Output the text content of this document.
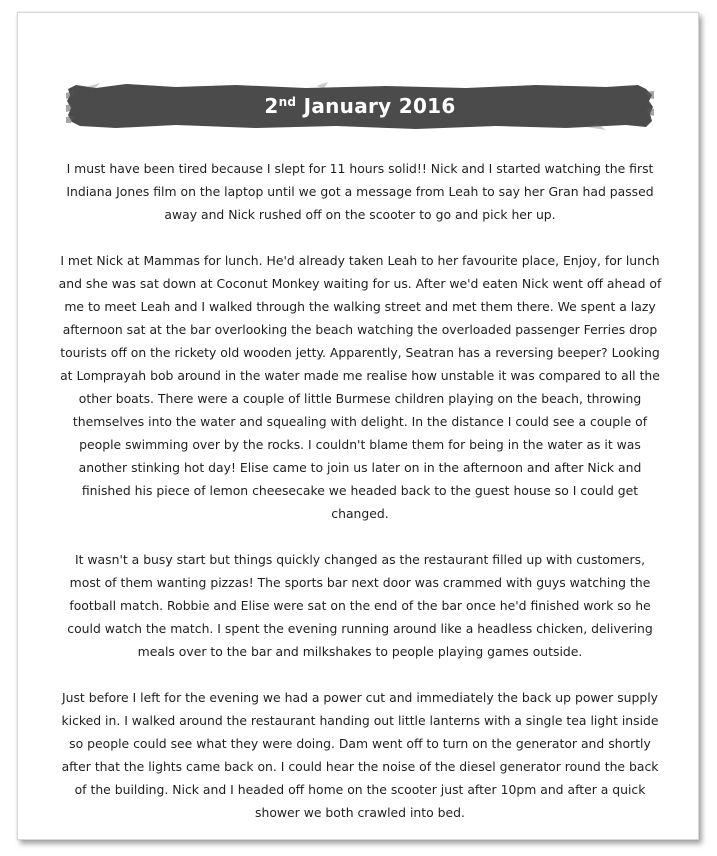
2nd January 2016

I must have been tired because I slept for 11 hours solid!! Nick and I started watching the first Indiana Jones film on the laptop until we got a message from Leah to say her Gran had passed away and Nick rushed off on the scooter to go and pick her up.

I met Nick at Mammas for lunch. He'd already taken Leah to her favourite place, Enjoy, for lunch and she was sat down at Coconut Monkey waiting for us. After we'd eaten Nick went off ahead of me to meet Leah and I walked through the walking street and met them there. We spent a lazy afternoon sat at the bar overlooking the beach watching the overloaded passenger Ferries drop tourists off on the rickety old wooden jetty. Apparently, Seatran has a reversing beeper? Looking at Lomprayah bob around in the water made me realise how unstable it was compared to all the other boats. There were a couple of little Burmese children playing on the beach, throwing themselves into the water and squealing with delight. In the distance I could see a couple of people swimming over by the rocks. I couldn't blame them for being in the water as it was another stinking hot day! Elise came to join us later on in the afternoon and after Nick and finished his piece of lemon cheesecake we headed back to the guest house so I could get changed.

It wasn't a busy start but things quickly changed as the restaurant filled up with customers, most of them wanting pizzas! The sports bar next door was crammed with guys watching the football match. Robbie and Elise were sat on the end of the bar once he'd finished work so he could watch the match. I spent the evening running around like a headless chicken, delivering meals over to the bar and milkshakes to people playing games outside.

Just before I left for the evening we had a power cut and immediately the back up power supply kicked in. I walked around the restaurant handing out little lanterns with a single tea light inside so people could see what they were doing. Dam went off to turn on the generator and shortly after that the lights came back on. I could hear the noise of the diesel generator round the back of the building. Nick and I headed off home on the scooter just after 10pm and after a quick shower we both crawled into bed.
